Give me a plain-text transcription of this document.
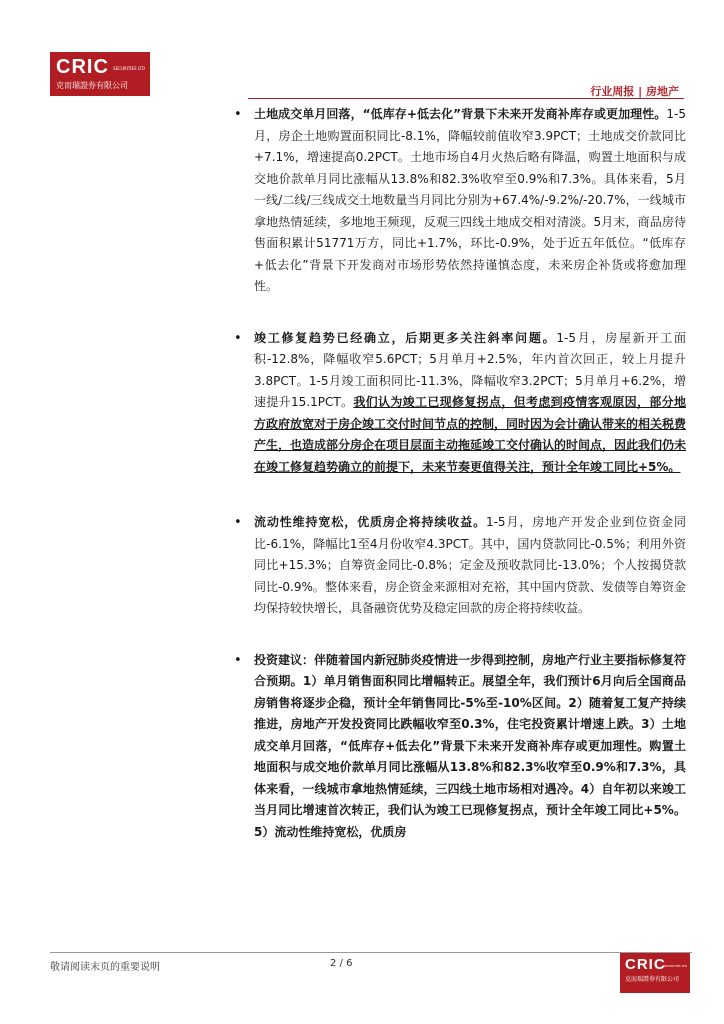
CRIC	SECURITIES LTD
克而瑞證券有限公司	行业周报 | 房地产

• 土地成交单月回落，“低库存+低去化”背景下未来开发商补库存或更加理性。1-5月，房企土地购置面积同比-8.1%，降幅较前值收窄3.9PCT；土地成交价款同比+7.1%，增速提高0.2PCT。土地市场自4月火热后略有降温，购置土地面积与成交地价款单月同比涨幅从13.8%和82.3%收窄至0.9%和7.3%。具体来看，5月一线/二线/三线成交土地数量当月同比分别为+67.4%/-9.2%/-20.7%，一线城市拿地热情延续，多地地王频现，反观三四线土地成交相对清淡。5月末，商品房待售面积累计51771万方，同比+1.7%，环比-0.9%，处于近五年低位。“低库存+低去化”背景下开发商对市场形势依然持谨慎态度，未来房企补货或将愈加理性。

• 竣工修复趋势已经确立，后期更多关注斜率问题。1-5月，房屋新开工面积-12.8%，降幅收窄5.6PCT；5月单月+2.5%，年内首次回正，较上月提升3.8PCT。1-5月竣工面积同比-11.3%，降幅收窄3.2PCT；5月单月+6.2%，增速提升15.1PCT。我们认为竣工已现修复拐点，但考虑到疫情客观原因，部分地方政府放宽对于房企竣工交付时间节点的控制，同时因为会计确认带来的相关税费产生，也造成部分房企在项目层面主动拖延竣工交付确认的时间点，因此我们仍未在竣工修复趋势确立的前提下，未来节奏更值得关注，预计全年竣工同比+5%。

• 流动性维持宽松，优质房企将持续收益。1-5月，房地产开发企业到位资金同比-6.1%，降幅比1至4月份收窄4.3PCT。其中，国内贷款同比-0.5%；利用外资同比+15.3%；自筹资金同比-0.8%；定金及预收款同比-13.0%；个人按揭贷款同比-0.9%。整体来看，房企资金来源相对充裕，其中国内贷款、发债等自筹资金均保持较快增长，具备融资优势及稳定回款的房企将持续收益。

• 投资建议：伴随着国内新冠肺炎疫情进一步得到控制，房地产行业主要指标修复符合预期。1）单月销售面积同比增幅转正。展望全年，我们预计6月向后全国商品房销售将逐步企稳，预计全年销售同比-5%至-10%区间。2）随着复工复产持续推进，房地产开发投资同比跌幅收窄至0.3%，住宅投资累计增速上跌。3）土地成交单月回落，“低库存+低去化”背景下未来开发商补库存或更加理性。购置土地面积与成交地价款单月同比涨幅从13.8%和82.3%收窄至0.9%和7.3%，具体来看，一线城市拿地热情延续，三四线土地市场相对遇冷。4）自年初以来竣工当月同比增速首次转正，我们认为竣工已现修复拐点，预计全年竣工同比+5%。5）流动性维持宽松，优质房

敬请阅读末页的重要说明	2 / 6	CRIC
SECURITIES LTD
克而瑞證券有限公司
